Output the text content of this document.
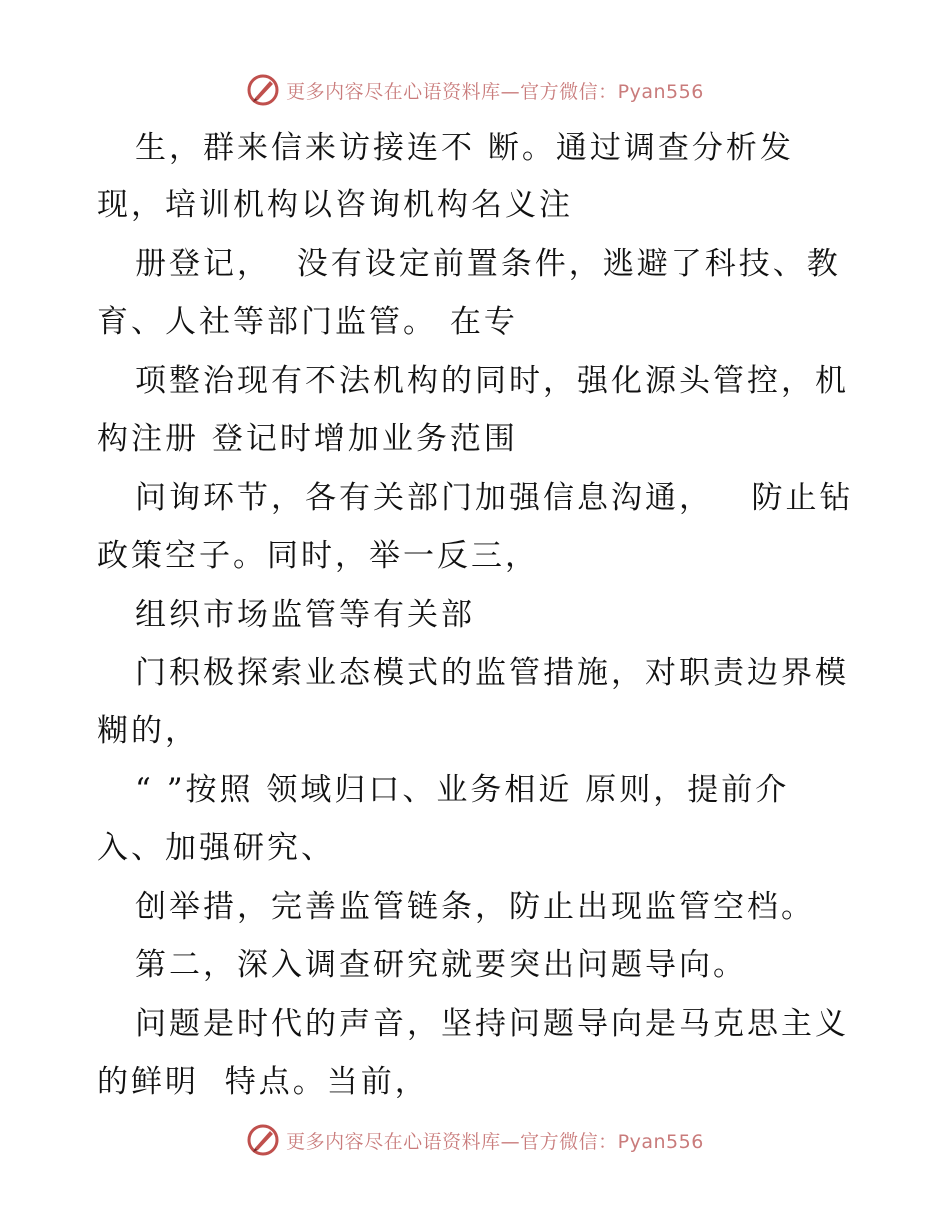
更多内容尽在心语资料库—官方微信：Pyan556
生，群来信来访接连不 断。通过调查分析发
现，培训机构以咨询机构名义注
册登记，  没有设定前置条件，逃避了科技、教
育、人社等部门监管。 在专
项整治现有不法机构的同时，强化源头管控，机
构注册 登记时增加业务范围
问询环节，各有关部门加强信息沟通，   防止钻
政策空子。同时，举一反三，
组织市场监管等有关部
门积极探索业态模式的监管措施，对职责边界模
糊的，
“ ”按照 领域归口、业务相近 原则，提前介
入、加强研究、
创举措，完善监管链条，防止出现监管空档。
第二，深入调查研究就要突出问题导向。
问题是时代的声音，坚持问题导向是马克思主义
的鲜明  特点。当前，
更多内容尽在心语资料库—官方微信：Pyan556
